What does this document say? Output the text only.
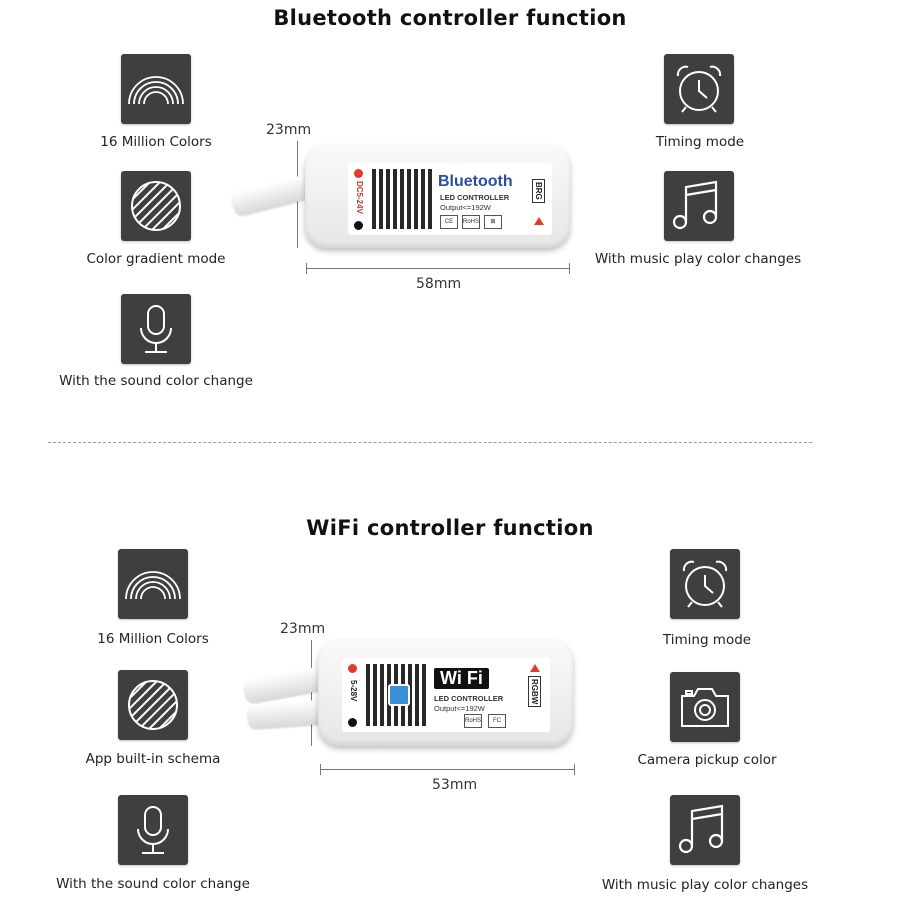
Bluetooth controller function
16 Million Colors
Color gradient mode
With the sound color change
Timing mode
With music play color changes
23mm
DC5-24V	Bluetooth
LED CONTROLLER
Output<=192W
CE	RoHS	⊠
BRG
58mm
WiFi controller function
16 Million Colors
App built-in schema
With the sound color change
Timing mode
Camera pickup color
With music play color changes
23mm
5-28V
Wi Fi
LED CONTROLLER
Output<=192W
RoHS	FC
RGBW
53mm
